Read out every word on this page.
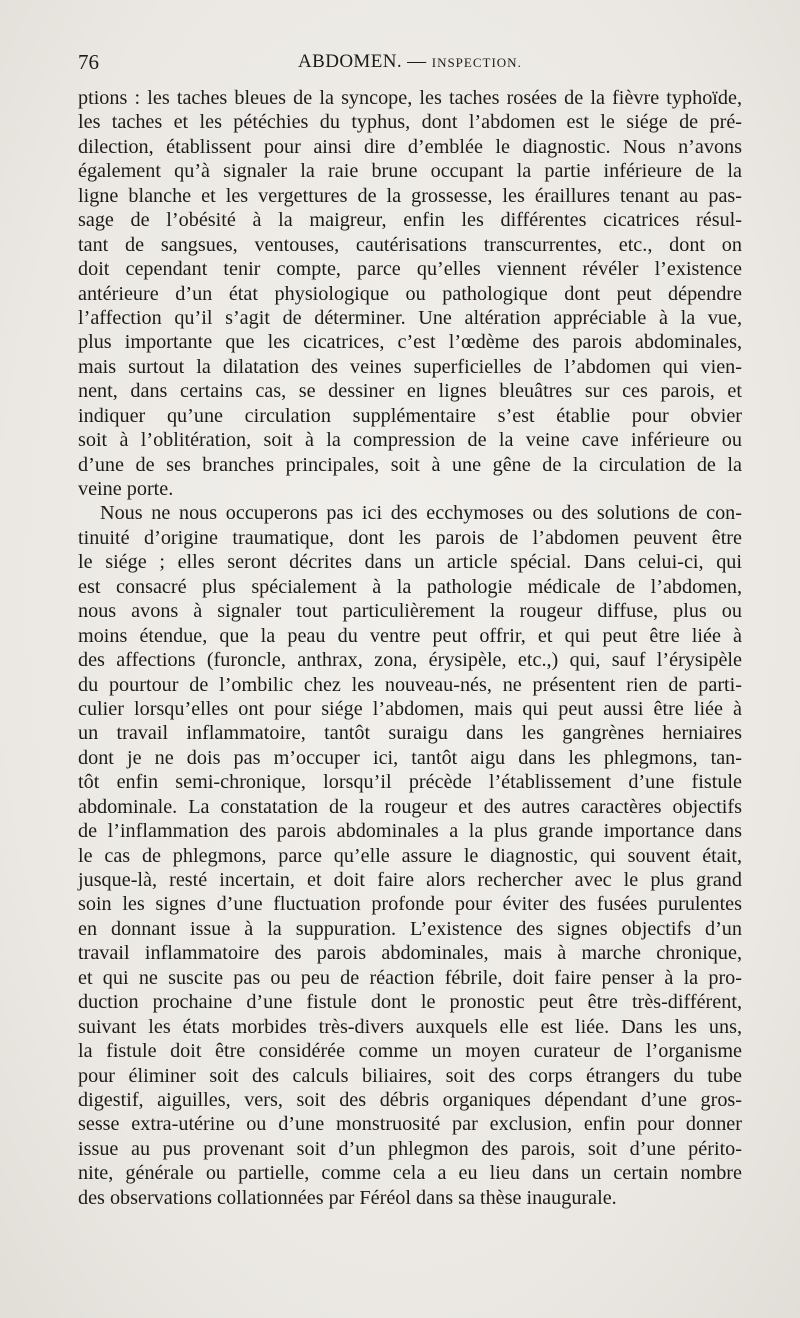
76	ABDOMEN. — INSPECTION.
ptions : les taches bleues de la syncope, les taches rosées de la fièvre typhoïde,
les taches et les pétéchies du typhus, dont l’abdomen est le siége de pré-
dilection, établissent pour ainsi dire d’emblée le diagnostic. Nous n’avons
également qu’à signaler la raie brune occupant la partie inférieure de la
ligne blanche et les vergettures de la grossesse, les éraillures tenant au pas-
sage de l’obésité à la maigreur, enfin les différentes cicatrices résul-
tant de sangsues, ventouses, cautérisations transcurrentes, etc., dont on
doit cependant tenir compte, parce qu’elles viennent révéler l’existence
antérieure d’un état physiologique ou pathologique dont peut dépendre
l’affection qu’il s’agit de déterminer. Une altération appréciable à la vue,
plus importante que les cicatrices, c’est l’œdème des parois abdominales,
mais surtout la dilatation des veines superficielles de l’abdomen qui vien-
nent, dans certains cas, se dessiner en lignes bleuâtres sur ces parois, et
indiquer qu’une circulation supplémentaire s’est établie pour obvier
soit à l’oblitération, soit à la compression de la veine cave inférieure ou
d’une de ses branches principales, soit à une gêne de la circulation de la
veine porte.
Nous ne nous occuperons pas ici des ecchymoses ou des solutions de con-
tinuité d’origine traumatique, dont les parois de l’abdomen peuvent être
le siége ; elles seront décrites dans un article spécial. Dans celui-ci, qui
est consacré plus spécialement à la pathologie médicale de l’abdomen,
nous avons à signaler tout particulièrement la rougeur diffuse, plus ou
moins étendue, que la peau du ventre peut offrir, et qui peut être liée à
des affections (furoncle, anthrax, zona, érysipèle, etc.,) qui, sauf l’érysipèle
du pourtour de l’ombilic chez les nouveau-nés, ne présentent rien de parti-
culier lorsqu’elles ont pour siége l’abdomen, mais qui peut aussi être liée à
un travail inflammatoire, tantôt suraigu dans les gangrènes herniaires
dont je ne dois pas m’occuper ici, tantôt aigu dans les phlegmons, tan-
tôt enfin semi-chronique, lorsqu’il précède l’établissement d’une fistule
abdominale. La constatation de la rougeur et des autres caractères objectifs
de l’inflammation des parois abdominales a la plus grande importance dans
le cas de phlegmons, parce qu’elle assure le diagnostic, qui souvent était,
jusque-là, resté incertain, et doit faire alors rechercher avec le plus grand
soin les signes d’une fluctuation profonde pour éviter des fusées purulentes
en donnant issue à la suppuration. L’existence des signes objectifs d’un
travail inflammatoire des parois abdominales, mais à marche chronique,
et qui ne suscite pas ou peu de réaction fébrile, doit faire penser à la pro-
duction prochaine d’une fistule dont le pronostic peut être très-différent,
suivant les états morbides très-divers auxquels elle est liée. Dans les uns,
la fistule doit être considérée comme un moyen curateur de l’organisme
pour éliminer soit des calculs biliaires, soit des corps étrangers du tube
digestif, aiguilles, vers, soit des débris organiques dépendant d’une gros-
sesse extra-utérine ou d’une monstruosité par exclusion, enfin pour donner
issue au pus provenant soit d’un phlegmon des parois, soit d’une périto-
nite, générale ou partielle, comme cela a eu lieu dans un certain nombre
des observations collationnées par Féréol dans sa thèse inaugurale.
